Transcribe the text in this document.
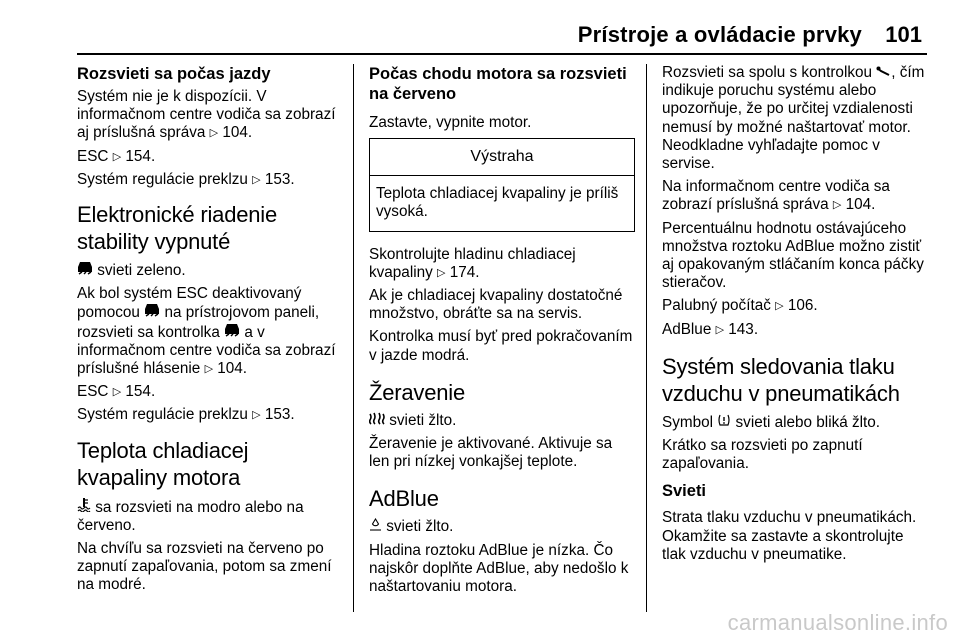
Prístroje a ovládacie prvky 101
Rozsvieti sa počas jazdy

Systém nie je k dispozícii. V informačnom centre vodiča sa zobrazí aj príslušná správa ▷ 104.

ESC ▷ 154.

Systém regulácie preklzu ▷ 153.

Elektronické riadenie stability vypnuté

svieti zeleno.

Ak bol systém ESC deaktivovaný pomocou na prístrojovom paneli, rozsvieti sa kontrolka a v informačnom centre vodiča sa zobrazí príslušné hlásenie ▷ 104.

ESC ▷ 154.

Systém regulácie preklzu ▷ 153.

Teplota chladiacej kvapaliny motora

sa rozsvieti na modro alebo na červeno.

Na chvíľu sa rozsvieti na červeno po zapnutí zapaľovania, potom sa zmení na modré.

Počas chodu motora sa rozsvieti na červeno

Zastavte, vypnite motor.

Výstraha
Teplota chladiacej kvapaliny je príliš vysoká.

Skontrolujte hladinu chladiacej kvapaliny ▷ 174.

Ak je chladiacej kvapaliny dostatočné množstvo, obráťte sa na servis.

Kontrolka musí byť pred pokračovaním v jazde modrá.

Žeravenie

svieti žlto.

Žeravenie je aktivované. Aktivuje sa len pri nízkej vonkajšej teplote.

AdBlue

svieti žlto.

Hladina roztoku AdBlue je nízka. Čo najskôr doplňte AdBlue, aby nedošlo k naštartovaniu motora.

Rozsvieti sa spolu s kontrolkou , čím indikuje poruchu systému alebo upozorňuje, že po určitej vzdialenosti nemusí by možné naštartovať motor. Neodkladne vyhľadajte pomoc v servise.

Na informačnom centre vodiča sa zobrazí príslušná správa ▷ 104.

Percentuálnu hodnotu ostávajúceho množstva roztoku AdBlue možno zistiť aj opakovaným stláčaním konca páčky stieračov.

Palubný počítač ▷ 106.

AdBlue ▷ 143.

Systém sledovania tlaku vzduchu v pneumatikách

Symbol svieti alebo bliká žlto.

Krátko sa rozsvieti po zapnutí zapaľovania.

Svieti

Strata tlaku vzduchu v pneumatikách. Okamžite sa zastavte a skontrolujte tlak vzduchu v pneumatike.

carmanualsonline.info
